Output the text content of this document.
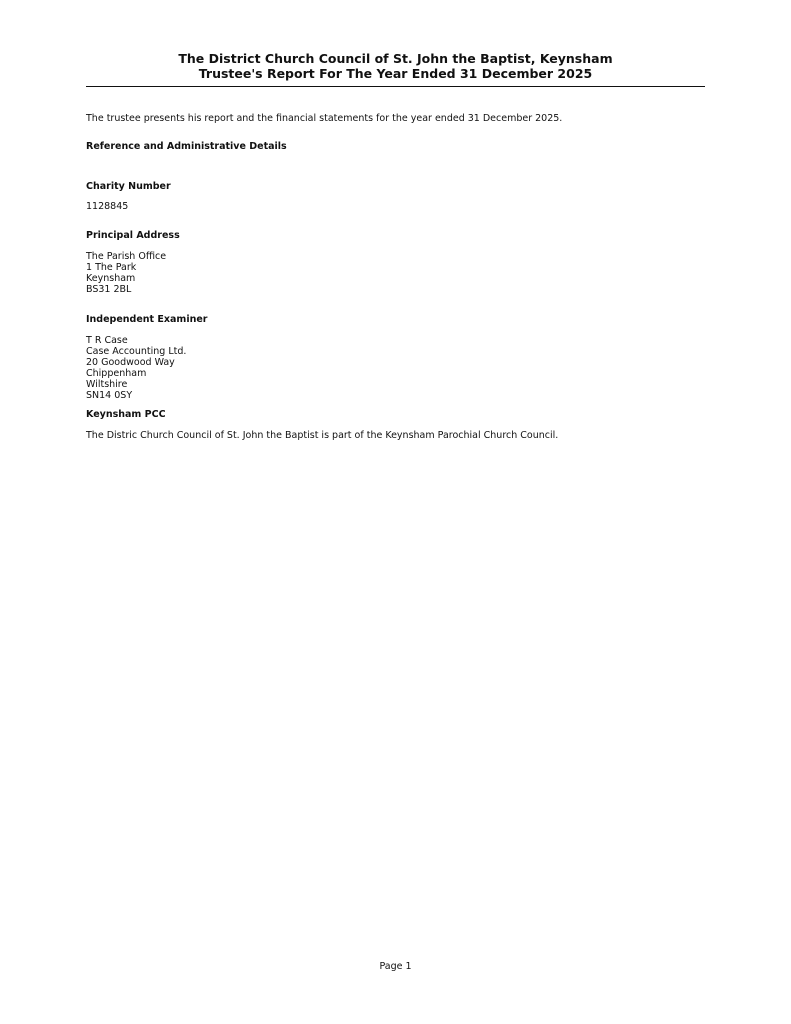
The District Church Council of St. John the Baptist, Keynsham
Trustee's Report For The Year Ended 31 December 2025

The trustee presents his report and the financial statements for the year ended 31 December 2025.

Reference and Administrative Details

Charity Number

1128845

Principal Address

The Parish Office
1 The Park
Keynsham
BS31 2BL

Independent Examiner

T R Case
Case Accounting Ltd.
20 Goodwood Way
Chippenham
Wiltshire
SN14 0SY

Keynsham PCC

The Distric Church Council of St. John the Baptist is part of the Keynsham Parochial Church Council.

Page 1
